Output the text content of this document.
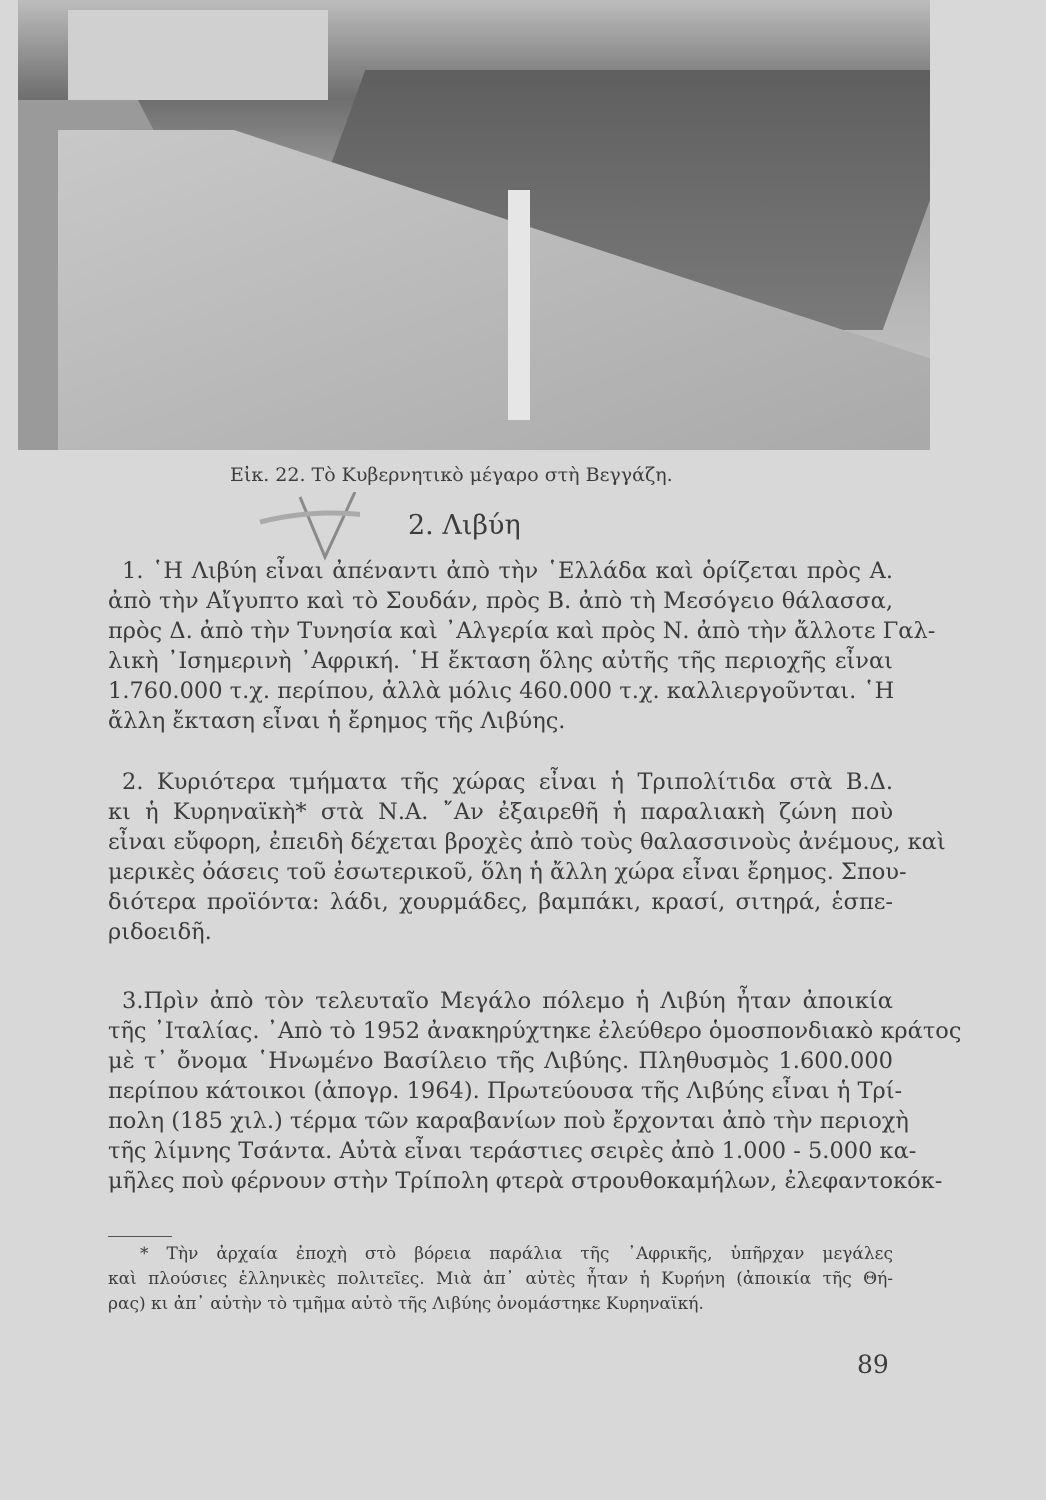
Εἰκ. 22. Τὸ Κυβερνητικὸ μέγαρο στὴ Βεγγάζη.
2. Λιβύη
1. ῾Η Λιβύη εἶναι ἀπέναντι ἀπὸ τὴν ῾Ελλάδα καὶ ὁρίζεται πρὸς Α.
ἀπὸ τὴν Αἴγυπτο καὶ τὸ Σουδάν, πρὸς Β. ἀπὸ τὴ Μεσόγειο θάλασσα,
πρὸς Δ. ἀπὸ τὴν Τυνησία καὶ ᾿Αλγερία καὶ πρὸς Ν. ἀπὸ τὴν ἄλλοτε Γαλ-
λικὴ ᾿Ισημερινὴ ᾿Αφρική. ῾Η ἔκταση ὅλης αὐτῆς τῆς περιοχῆς εἶναι
1.760.000 τ.χ. περίπου, ἀλλὰ μόλις 460.000 τ.χ. καλλιεργοῦνται. ῾Η
ἄλλη ἔκταση εἶναι ἡ ἔρημος τῆς Λιβύης.
2. Κυριότερα τμήματα τῆς χώρας εἶναι ἡ Τριπολίτιδα στὰ Β.Δ.
κι ἡ Κυρηναϊκὴ* στὰ Ν.Α. ῎Αν ἐξαιρεθῆ ἡ παραλιακὴ ζώνη ποὺ
εἶναι εὔφορη, ἐπειδὴ δέχεται βροχὲς ἀπὸ τοὺς θαλασσινοὺς ἀνέμους, καὶ
μερικὲς ὀάσεις τοῦ ἐσωτερικοῦ, ὅλη ἡ ἄλλη χώρα εἶναι ἔρημος. Σπου-
διότερα προϊόντα: λάδι, χουρμάδες, βαμπάκι, κρασί, σιτηρά, ἑσπε-
ριδοειδῆ.
3.Πρὶν ἀπὸ τὸν τελευταῖο Μεγάλο πόλεμο ἡ Λιβύη ἦταν ἀποικία
τῆς ᾿Ιταλίας. ᾿Απὸ τὸ 1952 ἀνακηρύχτηκε ἐλεύθερο ὁμοσπονδιακὸ κράτος
μὲ τ᾿ ὄνομα ῾Ηνωμένο Βασίλειο τῆς Λιβύης. Πληθυσμὸς 1.600.000
περίπου κάτοικοι (ἀπογρ. 1964). Πρωτεύουσα τῆς Λιβύης εἶναι ἡ Τρί-
πολη (185 χιλ.) τέρμα τῶν καραβανίων ποὺ ἔρχονται ἀπὸ τὴν περιοχὴ
τῆς λίμνης Τσάντα. Αὐτὰ εἶναι τεράστιες σειρὲς ἀπὸ 1.000 - 5.000 κα-
μῆλες ποὺ φέρνουν στὴν Τρίπολη φτερὰ στρουθοκαμήλων, ἐλεφαντοκόκ-
* Τὴν ἀρχαία ἐποχὴ στὸ βόρεια παράλια τῆς ᾿Αφρικῆς, ὑπῆρχαν μεγάλες
καὶ πλούσιες ἑλληνικὲς πολιτεῖες. Μιὰ ἀπ᾿ αὐτὲς ἦταν ἡ Κυρήνη (ἀποικία τῆς Θή-
ρας) κι ἀπ᾿ αὐτὴν τὸ τμῆμα αὐτὸ τῆς Λιβύης ὀνομάστηκε Κυρηναϊκή.
89
